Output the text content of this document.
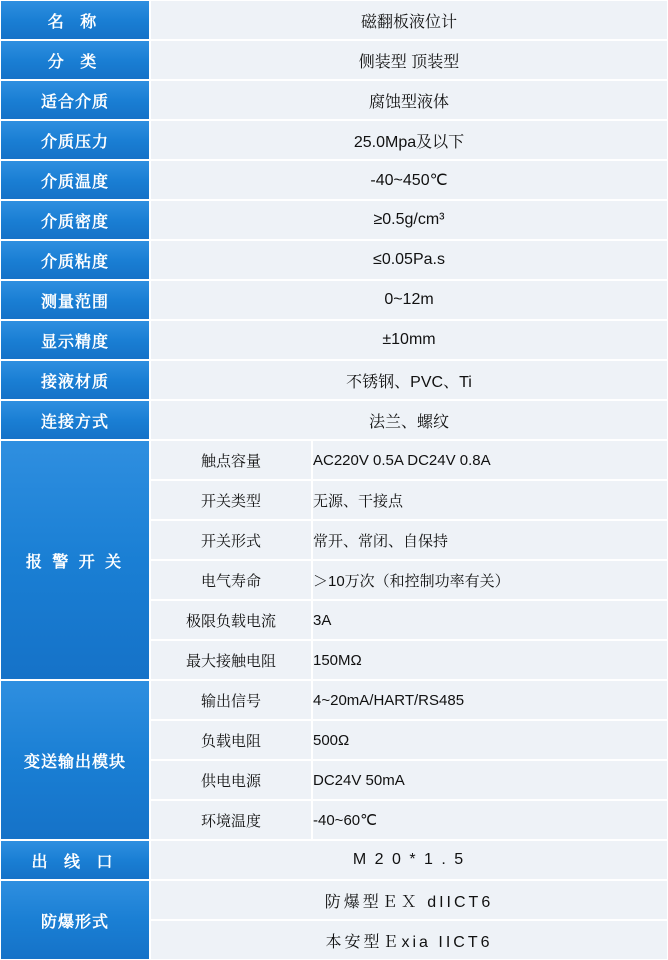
名 称	磁翻板液位计
分 类	侧装型 顶装型
适合介质	腐蚀型液体
介质压力	25.0Mpa及以下
介质温度	-40~450℃
介质密度	≥0.5g/cm³
介质粘度	≤0.05Pa.s
测量范围	0~12m
显示精度	±10mm
接液材质	不锈钢、PVC、Ti
连接方式	法兰、螺纹
报 警 开 关	
触点容量	AC220V 0.5A DC24V 0.8A
开关类型	无源、干接点
开关形式	常开、常闭、自保持
电气寿命	＞10万次（和控制功率有关）
极限负载电流	3A
最大接触电阻	150MΩ

变送输出模块	
输出信号	4~20mA/HART/RS485
负载电阻	500Ω
供电电源	DC24V 50mA
环境温度	-40~60℃

出 线 口	M 2 0 * 1 . 5
防爆形式	
防爆型ＥＸ dIICT6
本安型Ｅxia IICT6
